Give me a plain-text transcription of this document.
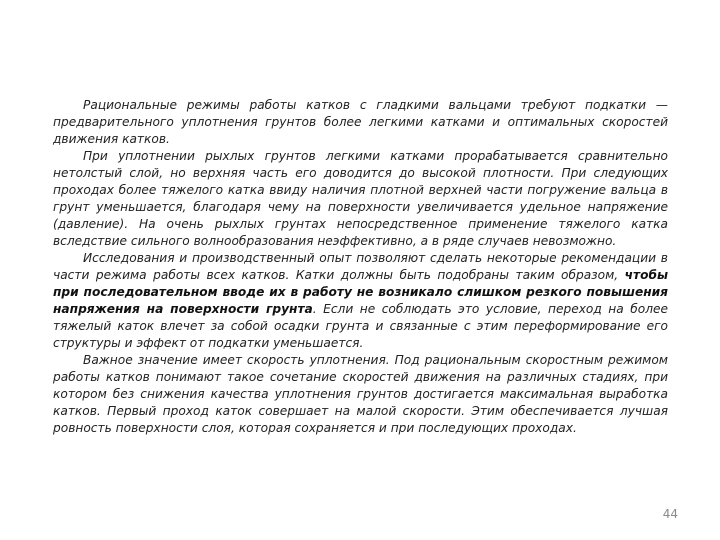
Рациональные режимы работы катков с гладкими вальцами требуют подкатки — предварительного уплотнения грунтов более легкими катками и оптимальных скоростей движения катков.

При уплотнении рыхлых грунтов легкими катками прорабатывается сравнительно нетолстый слой, но верхняя часть его доводится до высокой плотности. При следующих проходах более тяжелого катка ввиду наличия плотной верхней части погружение вальца в грунт уменьшается, благодаря чему на поверхности увеличивается удельное напряжение (давление). На очень рыхлых грунтах непосредственное применение тяжелого катка вследствие сильного волнообразования неэффективно, а в ряде случаев невозможно.

Исследования и производственный опыт позволяют сделать некоторые рекомендации в части режима работы всех катков. Катки должны быть подобраны таким образом, чтобы при последовательном вводе их в работу не возникало слишком резкого повышения напряжения на поверхности грунта. Если не соблюдать это условие, переход на более тяжелый каток влечет за собой осадки грунта и связанные с этим переформирование его структуры и эффект от подкатки уменьшается.

Важное значение имеет скорость уплотнения. Под рациональным скоростным режимом работы катков понимают такое сочетание скоростей движения на различных стадиях, при котором без снижения качества уплотнения грунтов достигается максимальная выработка катков. Первый проход каток совершает на малой скорости. Этим обеспечивается лучшая ровность поверхности слоя, которая сохраняется и при последующих проходах.

44
